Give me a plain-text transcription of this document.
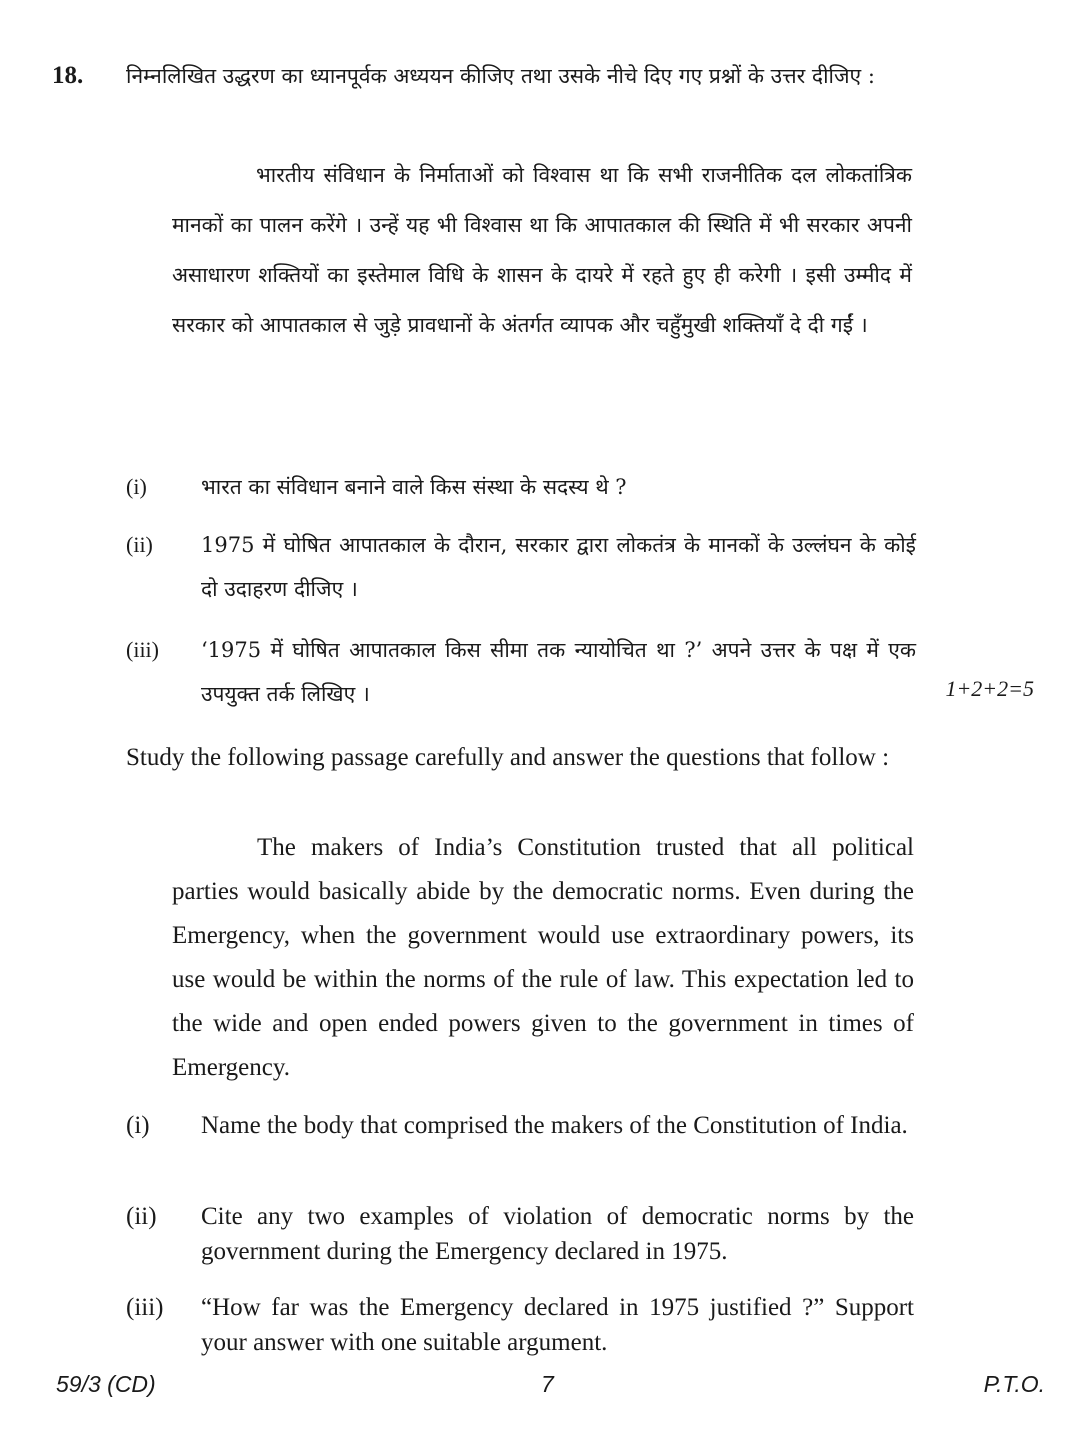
18. निम्नलिखित उद्धरण का ध्यानपूर्वक अध्ययन कीजिए तथा उसके नीचे दिए गए प्रश्नों के उत्तर दीजिए :
भारतीय संविधान के निर्माताओं को विश्वास था कि सभी राजनीतिक दल लोकतांत्रिक मानकों का पालन करेंगे । उन्हें यह भी विश्वास था कि आपातकाल की स्थिति में भी सरकार अपनी असाधारण शक्तियों का इस्तेमाल विधि के शासन के दायरे में रहते हुए ही करेगी । इसी उम्मीद में सरकार को आपातकाल से जुड़े प्रावधानों के अंतर्गत व्यापक और चहुँमुखी शक्तियाँ दे दी गईं ।
(i)	भारत का संविधान बनाने वाले किस संस्था के सदस्य थे ?
(ii) 1975 में घोषित आपातकाल के दौरान, सरकार द्वारा लोकतंत्र के मानकों के उल्लंघन के कोई दो उदाहरण दीजिए ।
(iii) ‘1975 में घोषित आपातकाल किस सीमा तक न्यायोचित था ?’ अपने उत्तर के पक्ष में एक उपयुक्त तर्क लिखिए ।	1+2+2=5
Study the following passage carefully and answer the questions that follow :
The makers of India’s Constitution trusted that all political parties would basically abide by the democratic norms. Even during the Emergency, when the government would use extraordinary powers, its use would be within the norms of the rule of law. This expectation led to the wide and open ended powers given to the government in times of Emergency.
(i) Name the body that comprised the makers of the Constitution of India.
(ii) Cite any two examples of violation of democratic norms by the government during the Emergency declared in 1975.
(iii) “How far was the Emergency declared in 1975 justified ?” Support your answer with one suitable argument.
59/3 (CD)	7	P.T.O.
